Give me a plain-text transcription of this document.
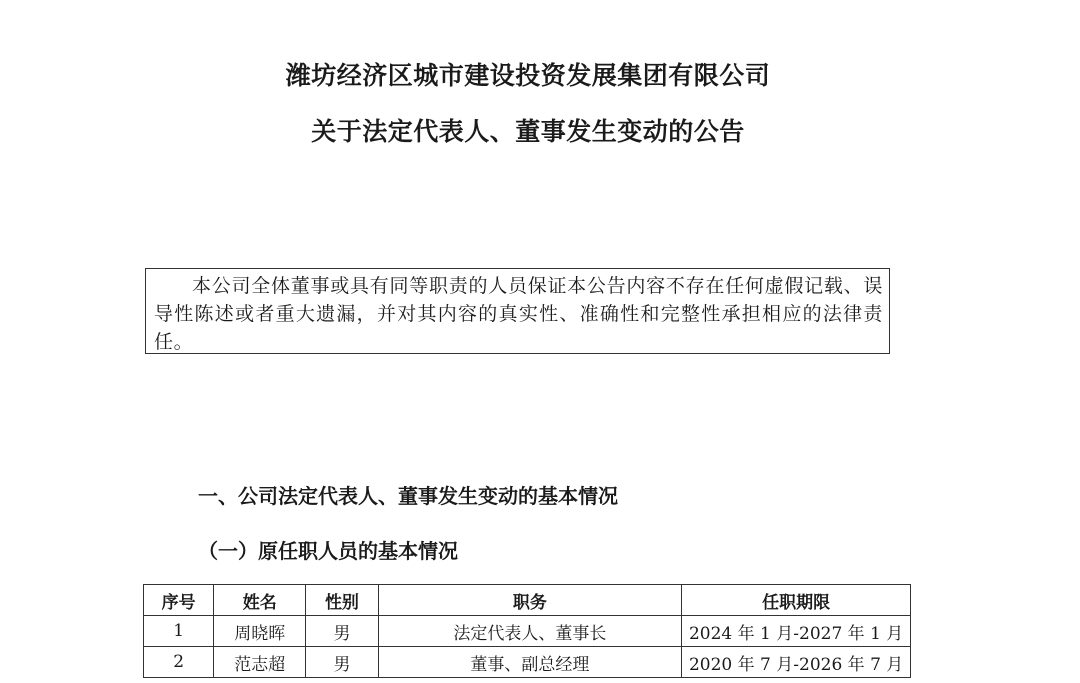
潍坊经济区城市建设投资发展集团有限公司
关于法定代表人、董事发生变动的公告
本公司全体董事或具有同等职责的人员保证本公告内容不存在任何虚假记载、误导性陈述或者重大遗漏，并对其内容的真实性、准确性和完整性承担相应的法律责任。
一、公司法定代表人、董事发生变动的基本情况
（一）原任职人员的基本情况
序号	姓名	性别	职务	任职期限
1	周晓晖	男	法定代表人、董事长	2024 年 1 月-2027 年 1 月
2	范志超	男	董事、副总经理	2020 年 7 月-2026 年 7 月
